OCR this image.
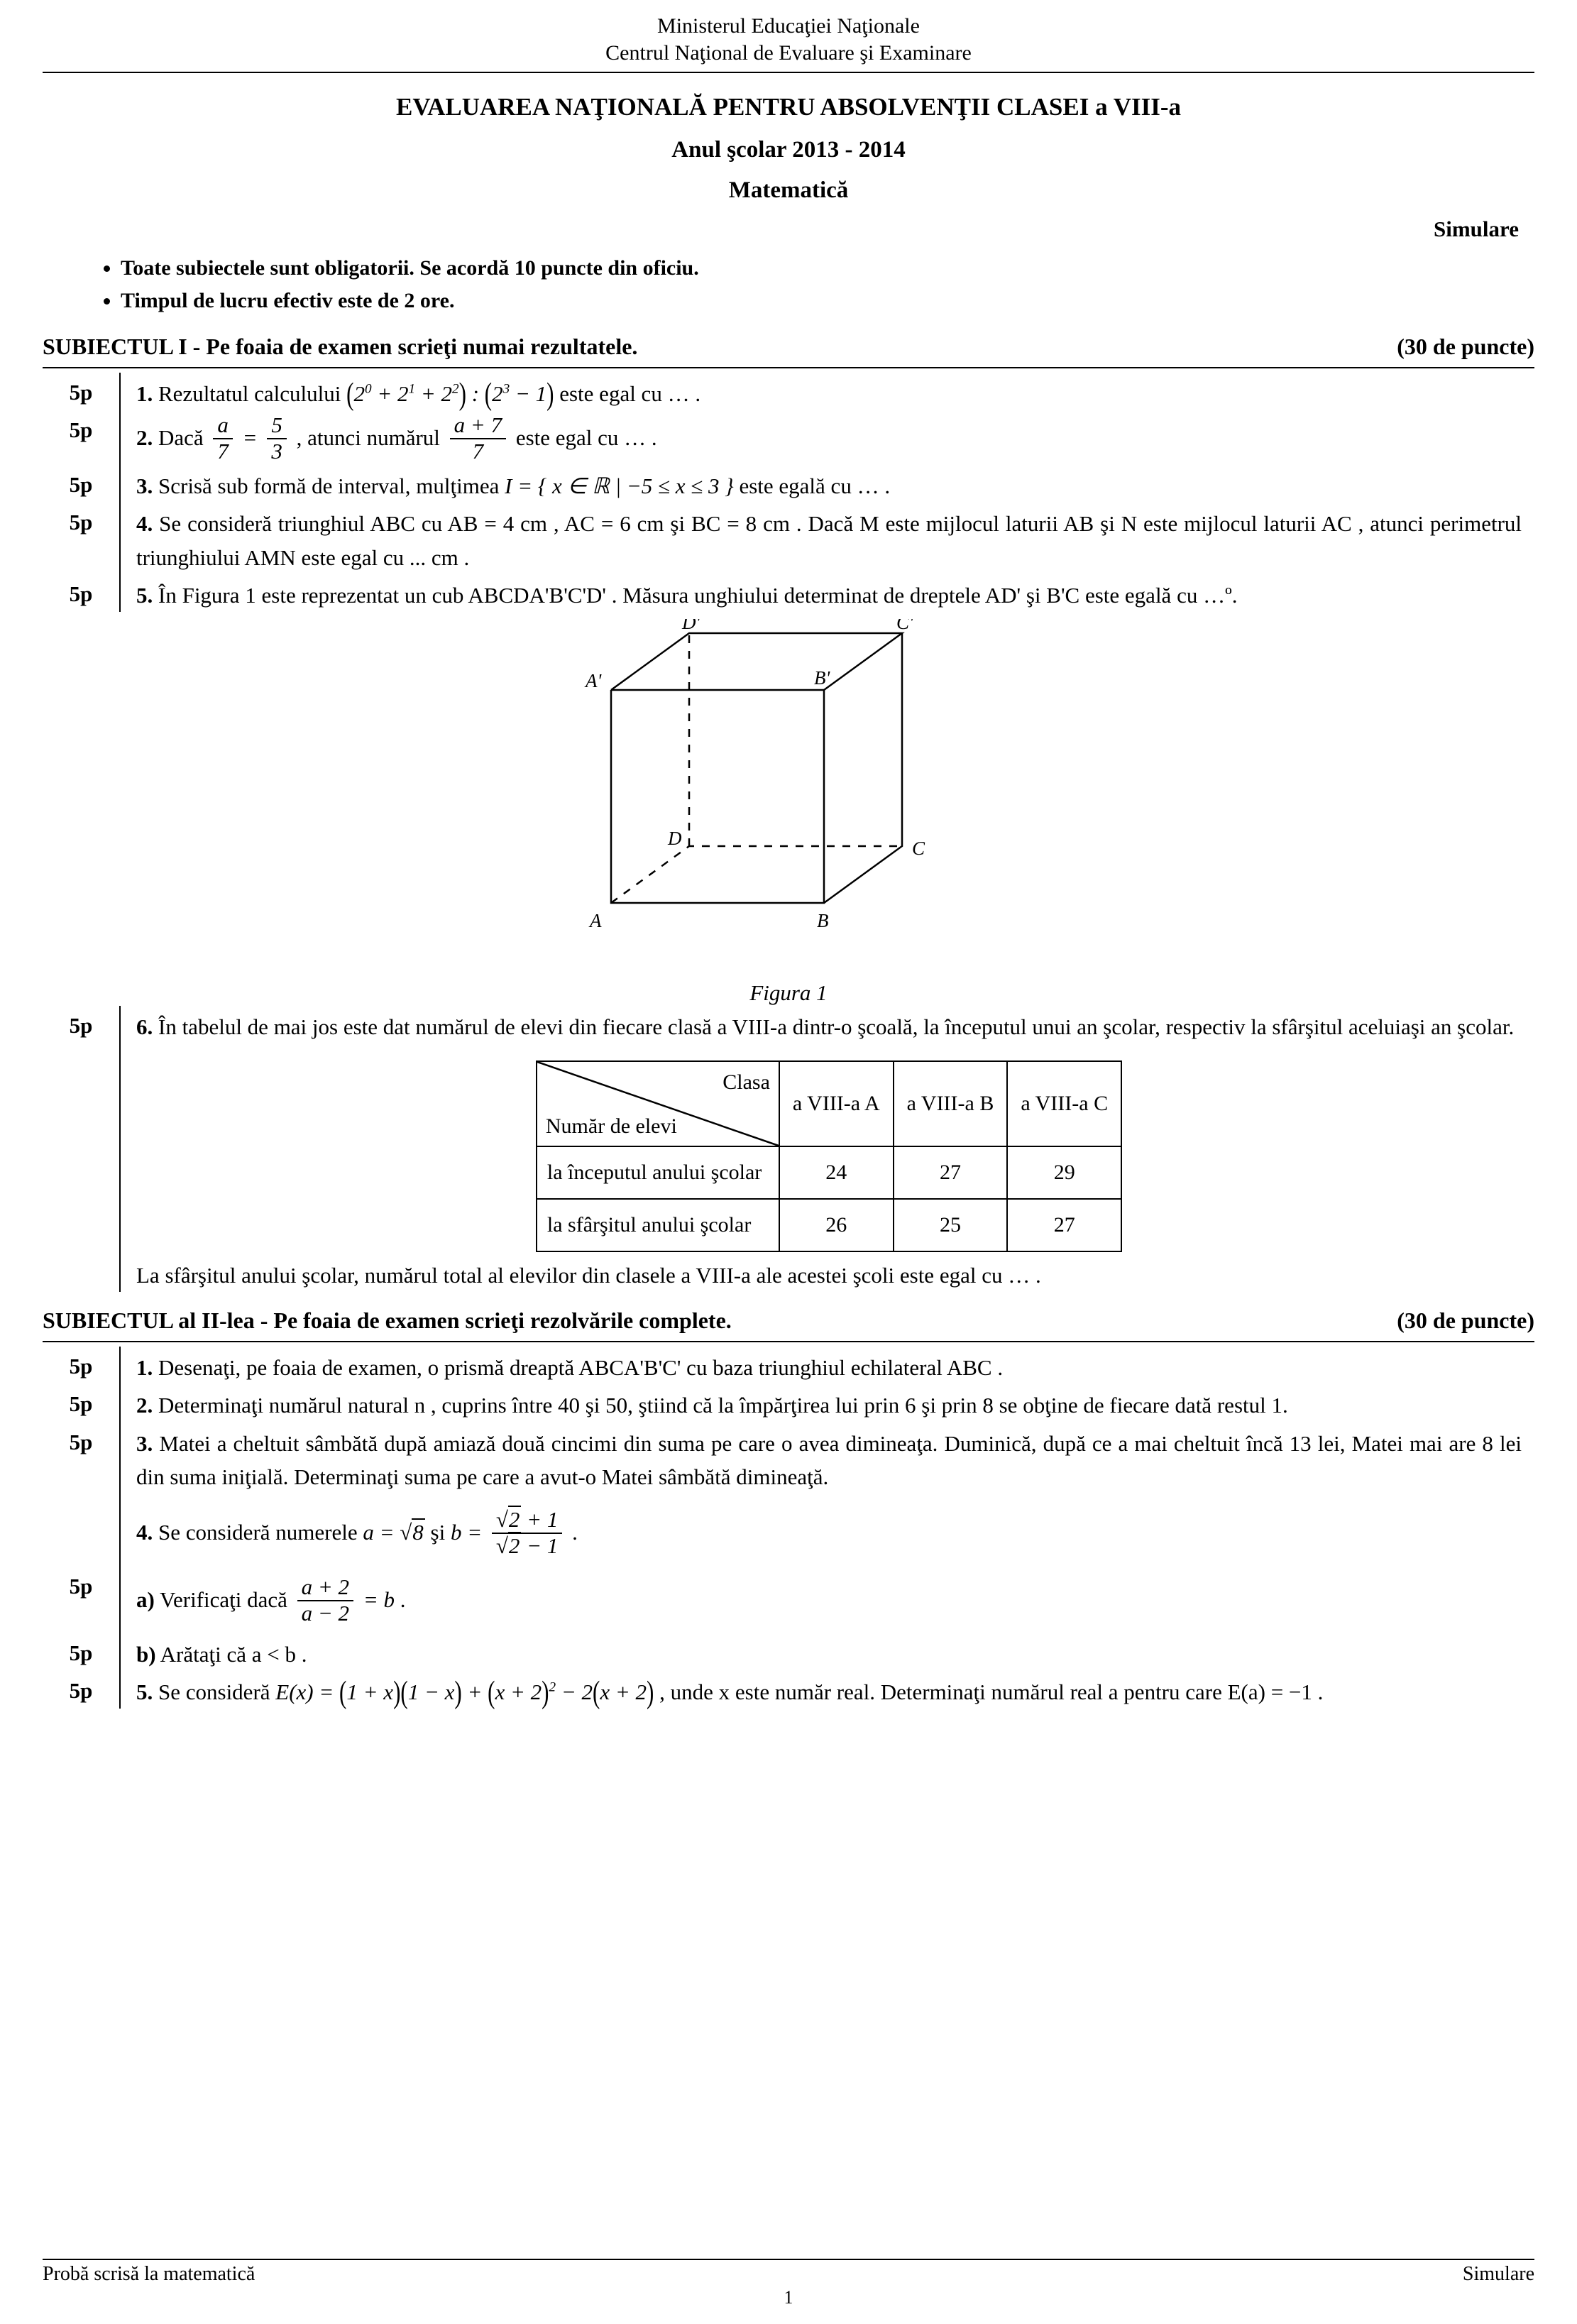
Ministerul Educaţiei Naţionale
Centrul Naţional de Evaluare şi Examinare
EVALUAREA NAŢIONALĂ PENTRU ABSOLVENŢII CLASEI a VIII-a
Anul şcolar 2013 - 2014
Matematică
Simulare
• Toate subiectele sunt obligatorii. Se acordă 10 puncte din oficiu.
• Timpul de lucru efectiv este de 2 ore.
SUBIECTUL I - Pe foaia de examen scrieţi numai rezultatele.	(30 de puncte)
5p	1. Rezultatul calculului $(2^0 + 2^1 + 2^2)$ : $(2^3 - 1)$ este egal cu … .
5p	2. Dacă $\frac{a}{7} = \frac{5}{3}$ , atunci numărul $\frac{a + 7}{7}$ este egal cu … .
5p	3. Scrisă sub formă de interval, mulţimea I = { x ∈ ℝ | −5 ≤ x ≤ 3 } este egală cu … .
5p	4. Se consideră triunghiul ABC cu AB = 4 cm , AC = 6 cm şi BC = 8 cm . Dacă M este mijlocul laturii AB şi N este mijlocul laturii AC , atunci perimetrul triunghiului AMN este egal cu ... cm .
5p	5. În Figura 1 este reprezentat un cub ABCDA'B'C'D' . Măsura unghiului determinat de dreptele AD' şi B'C este egală cu …º.
A'	B'
C'
D'
A	B
C
D
Figura 1
5p	6. În tabelul de mai jos este dat numărul de elevi din fiecare clasă a VIII-a dintr-o şcoală, la începutul unui an şcolar, respectiv la sfârşitul aceluiaşi an şcolar.
Clasa
Număr de elevi	a VIII-a A	a VIII-a B	a VIII-a C
la începutul anului şcolar	24	27	29
la sfârşitul anului şcolar	26	25	27
La sfârşitul anului şcolar, numărul total al elevilor din clasele a VIII-a ale acestei şcoli este egal cu … .
SUBIECTUL al II-lea - Pe foaia de examen scrieţi rezolvările complete.	(30 de puncte)
5p	1. Desenaţi, pe foaia de examen, o prismă dreaptă ABCA'B'C' cu baza triunghiul echilateral ABC .
5p	2. Determinaţi numărul natural n , cuprins între 40 şi 50, ştiind că la împărţirea lui prin 6 şi prin 8 se obţine de fiecare dată restul 1.
5p	3. Matei a cheltuit sâmbătă după amiază două cincimi din suma pe care o avea dimineaţa. Duminică, după ce a mai cheltuit încă 13 lei, Matei mai are 8 lei din suma iniţială. Determinaţi suma pe care a avut-o Matei sâmbătă dimineaţă.
4. Se consideră numerele a = √8 şi $b = \frac{√2 + 1}{√2 - 1}$ .
5p
a) Verificaţi dacă $\frac{a + 2}{a - 2} = b$ .
5p	b) Arătaţi că a < b .
5p	5. Se consideră $E(x) = (1 + x)(1 - x) + (x + 2)^2 - 2(x + 2)$ , unde x este număr real. Determinaţi numărul real a pentru care E(a) = −1 .
Probă scrisă la matematică	Simulare
1
